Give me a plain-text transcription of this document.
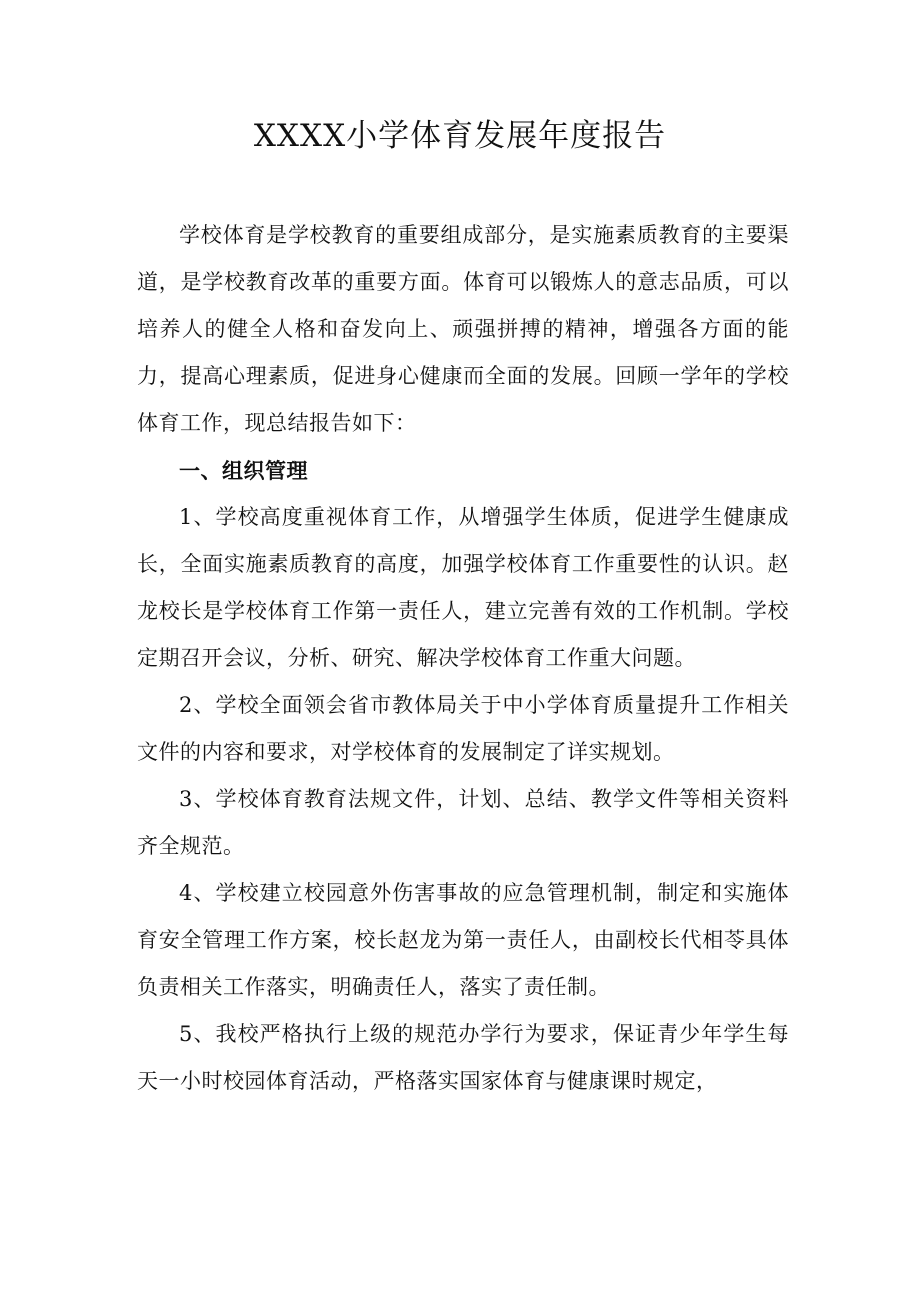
XXXX小学体育发展年度报告

学校体育是学校教育的重要组成部分，是实施素质教育的主要渠道，是学校教育改革的重要方面。体育可以锻炼人的意志品质，可以培养人的健全人格和奋发向上、顽强拼搏的精神，增强各方面的能力，提高心理素质，促进身心健康而全面的发展。回顾一学年的学校体育工作，现总结报告如下：

一、组织管理

1、学校高度重视体育工作，从增强学生体质，促进学生健康成长，全面实施素质教育的高度，加强学校体育工作重要性的认识。赵龙校长是学校体育工作第一责任人，建立完善有效的工作机制。学校定期召开会议，分析、研究、解决学校体育工作重大问题。

2、学校全面领会省市教体局关于中小学体育质量提升工作相关文件的内容和要求，对学校体育的发展制定了详实规划。

3、学校体育教育法规文件，计划、总结、教学文件等相关资料齐全规范。

4、学校建立校园意外伤害事故的应急管理机制，制定和实施体育安全管理工作方案，校长赵龙为第一责任人，由副校长代相苓具体负责相关工作落实，明确责任人，落实了责任制。

5、我校严格执行上级的规范办学行为要求，保证青少年学生每天一小时校园体育活动，严格落实国家体育与健康课时规定，
